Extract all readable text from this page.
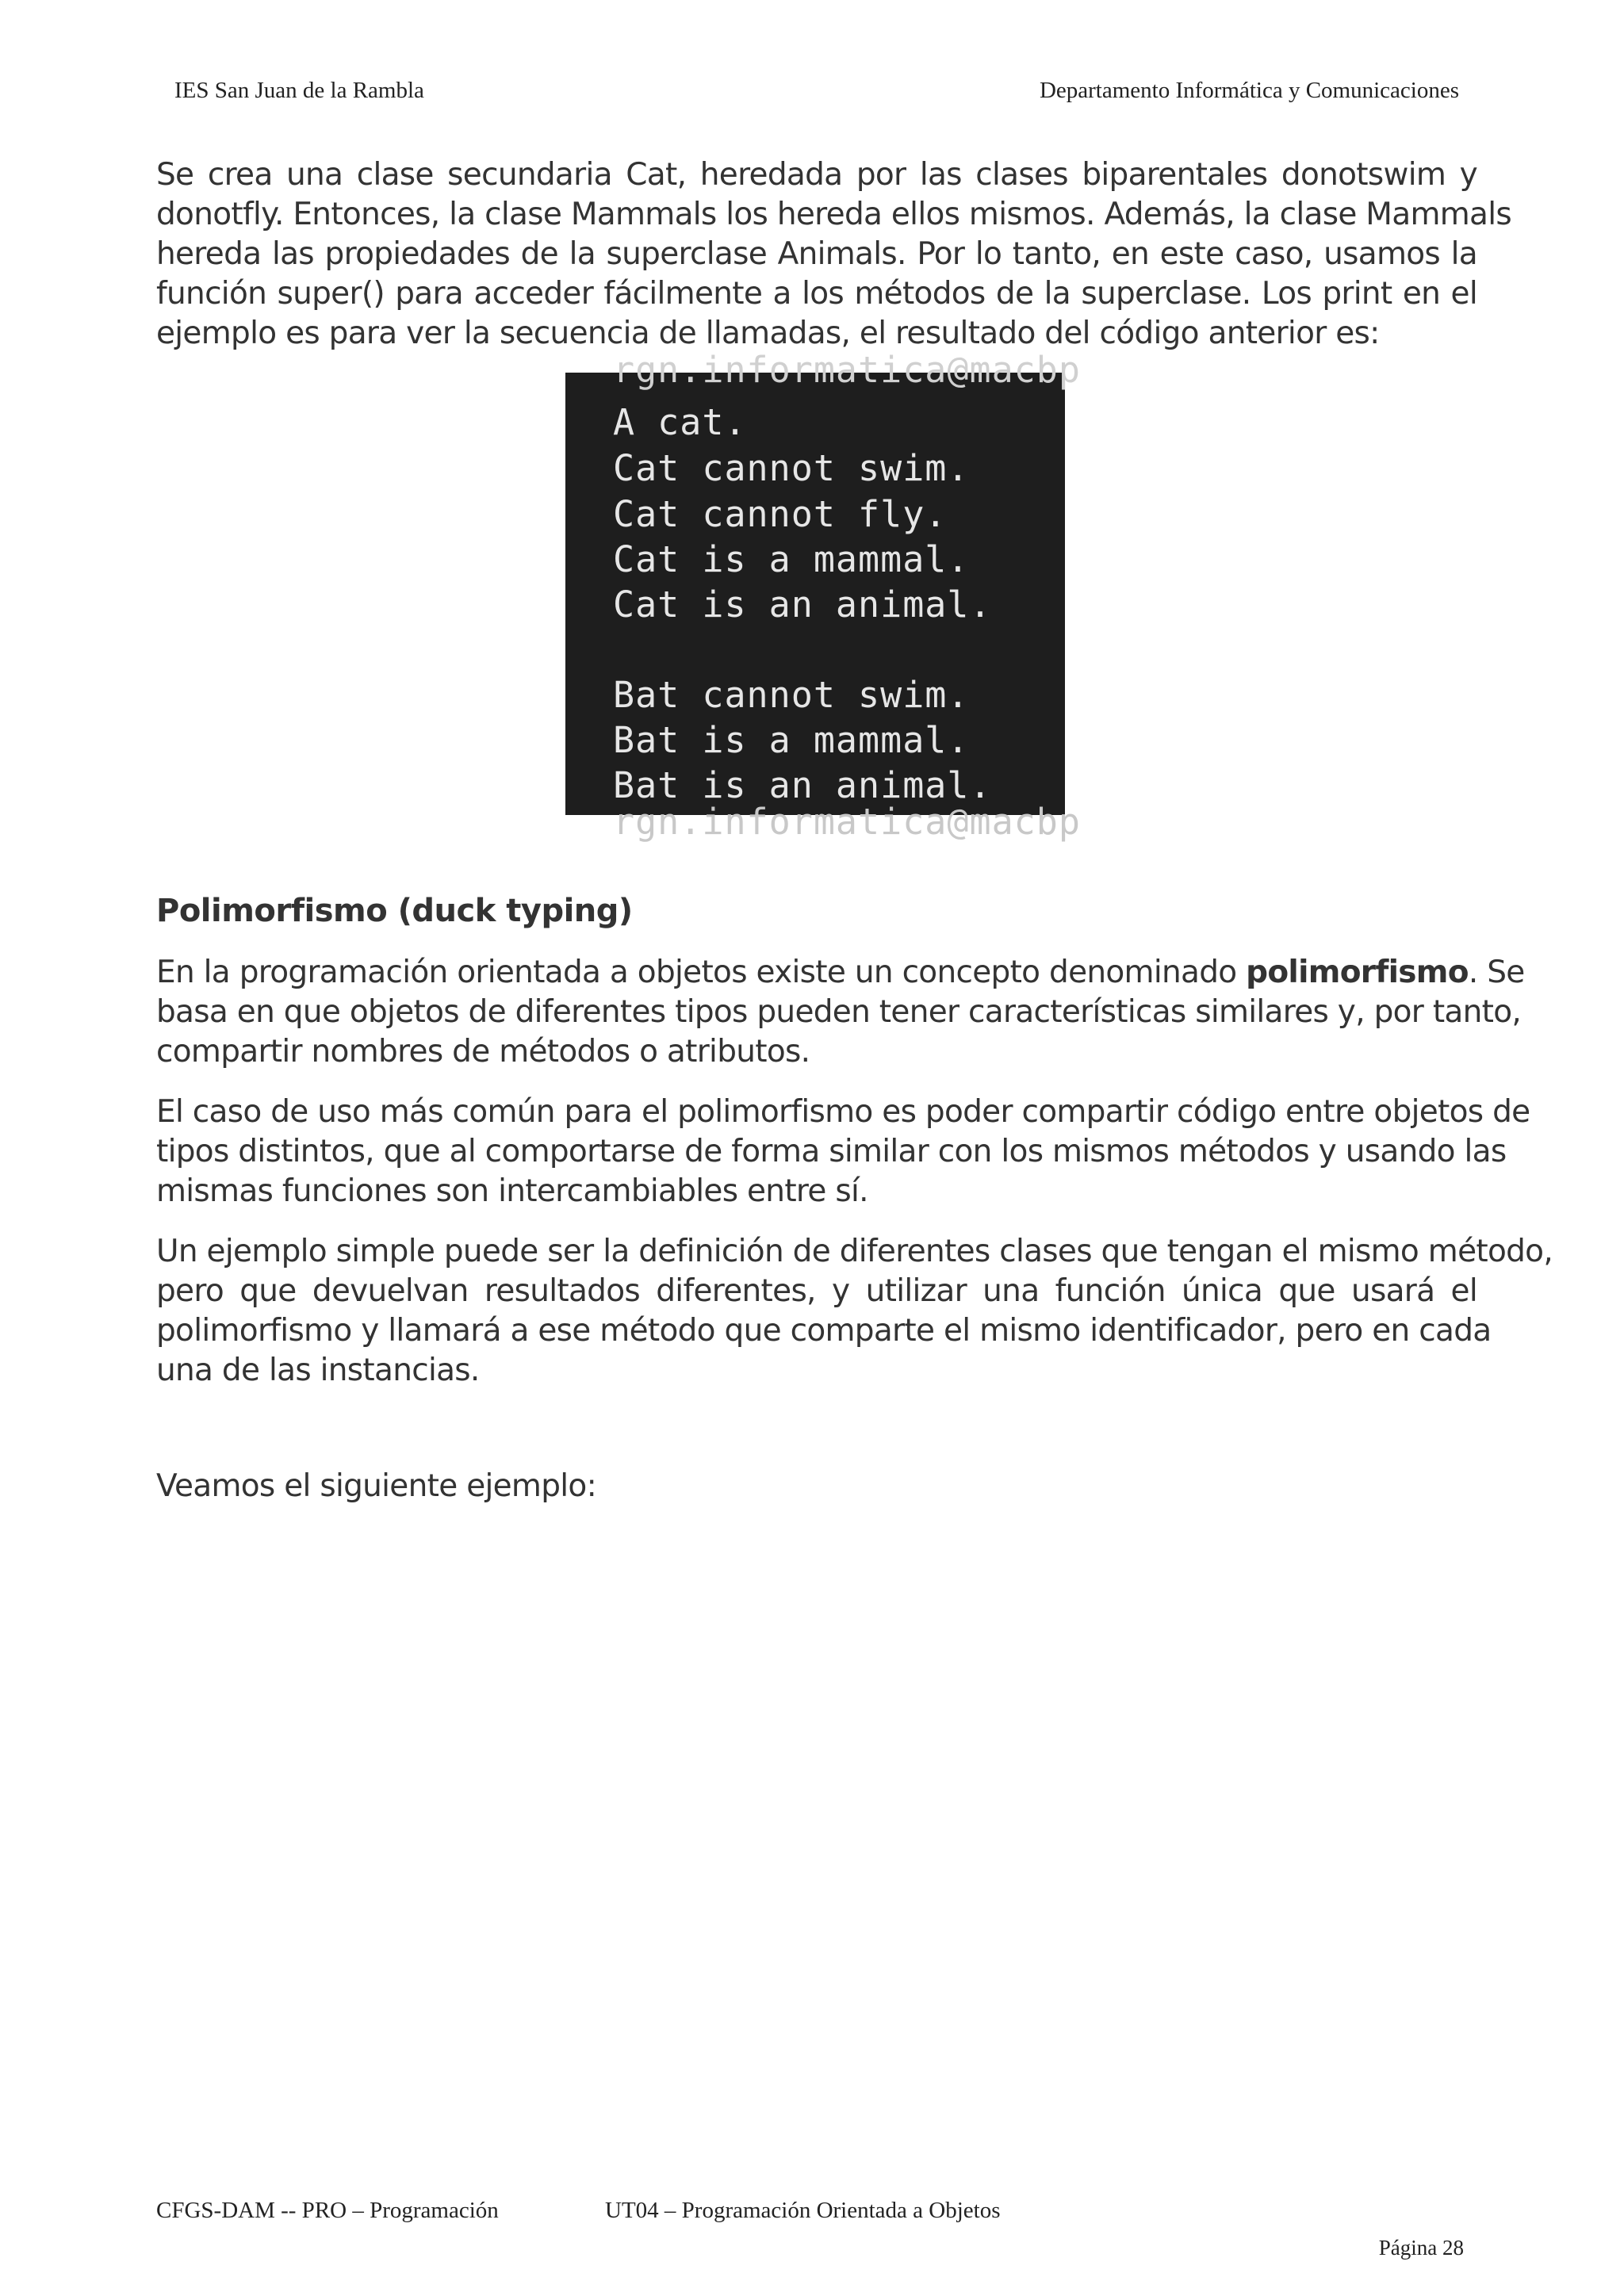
IES San Juan de la Rambla	Departamento Informática y Comunicaciones
Se crea una clase secundaria Cat, heredada por las clases biparentales donotswim y
donotfly. Entonces, la clase Mammals los hereda ellos mismos. Además, la clase Mammals
hereda las propiedades de la superclase Animals. Por lo tanto, en este caso, usamos la
función super() para acceder fácilmente a los métodos de la superclase. Los print en el
ejemplo es para ver la secuencia de llamadas, el resultado del código anterior es:
rgn.informatica@macbp
A cat.
Cat cannot swim.
Cat cannot fly.
Cat is a mammal.
Cat is an animal.
Bat cannot swim.
Bat is a mammal.
Bat is an animal.
rgn.informatica@macbp
Polimorfismo (duck typing)

En la programación orientada a objetos existe un concepto denominado polimorfismo. Se

basa en que objetos de diferentes tipos pueden tener características similares y, por tanto,

compartir nombres de métodos o atributos.

El caso de uso más común para el polimorfismo es poder compartir código entre objetos de

tipos distintos, que al comportarse de forma similar con los mismos métodos y usando las

mismas funciones son intercambiables entre sí.

Un ejemplo simple puede ser la definición de diferentes clases que tengan el mismo método,

pero que devuelvan resultados diferentes, y utilizar una función única que usará el

polimorfismo y llamará a ese método que comparte el mismo identificador, pero en cada

una de las instancias.

Veamos el siguiente ejemplo:

CFGS-DAM -- PRO – Programación	UT04 – Programación Orientada a Objetos
Página 28
